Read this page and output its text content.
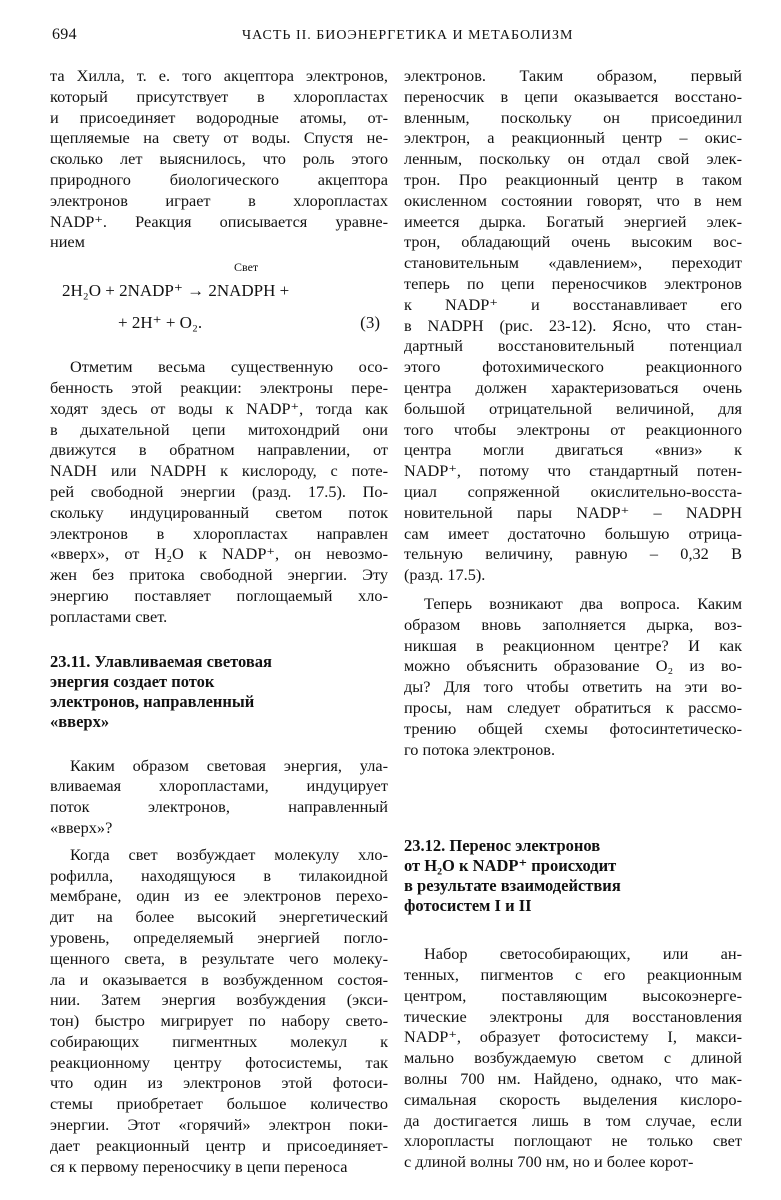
694	ЧАСТЬ II. БИОЭНЕРГЕТИКА И МЕТАБОЛИЗМ

та Хилла, т. е. того акцептора электронов,
который присутствует в хлоропластах
и присоединяет водородные атомы, от-
щепляемые на свету от воды. Спустя не-
сколько лет выяснилось, что роль этого
природного биологического акцептора
электронов играет в хлоропластах
NADP⁺. Реакция описывается уравне-
нием

Свет
2H₂O + 2NADP⁺ → 2NADPH +
+ 2H⁺ + O₂.	(3)

Отметим весьма существенную осо-
бенность этой реакции: электроны пере-
ходят здесь от воды к NADP⁺, тогда как
в дыхательной цепи митохондрий они
движутся в обратном направлении, от
NADH или NADPH к кислороду, с поте-
рей свободной энергии (разд. 17.5). По-
скольку индуцированный светом поток
электронов в хлоропластах направлен
«вверх», от H₂O к NADP⁺, он невозмо-
жен без притока свободной энергии. Эту
энергию поставляет поглощаемый хло-
ропластами свет.

23.11. Улавливаемая световая
энергия создает поток
электронов, направленный
«вверх»

Каким образом световая энергия, ула-
вливаемая хлоропластами, индуцирует
поток электронов, направленный
«вверх»?

Когда свет возбуждает молекулу хло-
рофилла, находящуюся в тилакоидной
мембране, один из ее электронов перехо-
дит на более высокий энергетический
уровень, определяемый энергией погло-
щенного света, в результате чего молеку-
ла и оказывается в возбужденном состоя-
нии. Затем энергия возбуждения (экси-
тон) быстро мигрирует по набору свето-
собирающих пигментных молекул к
реакционному центру фотосистемы, так
что один из электронов этой фотоси-
стемы приобретает большое количество
энергии. Этот «горячий» электрон поки-
дает реакционный центр и присоединяет-
ся к первому переносчику в цепи переноса

электронов. Таким образом, первый
переносчик в цепи оказывается восстано-
вленным, поскольку он присоединил
электрон, а реакционный центр – окис-
ленным, поскольку он отдал свой элек-
трон. Про реакционный центр в таком
окисленном состоянии говорят, что в нем
имеется дырка. Богатый энергией элек-
трон, обладающий очень высоким вос-
становительным «давлением», переходит
теперь по цепи переносчиков электронов
к NADP⁺ и восстанавливает его
в NADPH (рис. 23-12). Ясно, что стан-
дартный восстановительный потенциал
этого фотохимического реакционного
центра должен характеризоваться очень
большой отрицательной величиной, для
того чтобы электроны от реакционного
центра могли двигаться «вниз» к
NADP⁺, потому что стандартный потен-
циал сопряженной окислительно-восста-
новительной пары NADP⁺ – NADPH
сам имеет достаточно большую отрица-
тельную величину, равную – 0,32 В
(разд. 17.5).

Теперь возникают два вопроса. Каким
образом вновь заполняется дырка, воз-
никшая в реакционном центре? И как
можно объяснить образование O₂ из во-
ды? Для того чтобы ответить на эти во-
просы, нам следует обратиться к рассмо-
трению общей схемы фотосинтетическо-
го потока электронов.

23.12. Перенос электронов
от H₂O к NADP⁺ происходит
в результате взаимодействия
фотосистем I и II

Набор светособирающих, или ан-
тенных, пигментов с его реакционным
центром, поставляющим высокоэнерге-
тические электроны для восстановления
NADP⁺, образует фотосистему I, макси-
мально возбуждаемую светом с длиной
волны 700 нм. Найдено, однако, что мак-
симальная скорость выделения кислоро-
да достигается лишь в том случае, если
хлоропласты поглощают не только свет
с длиной волны 700 нм, но и более корот-
